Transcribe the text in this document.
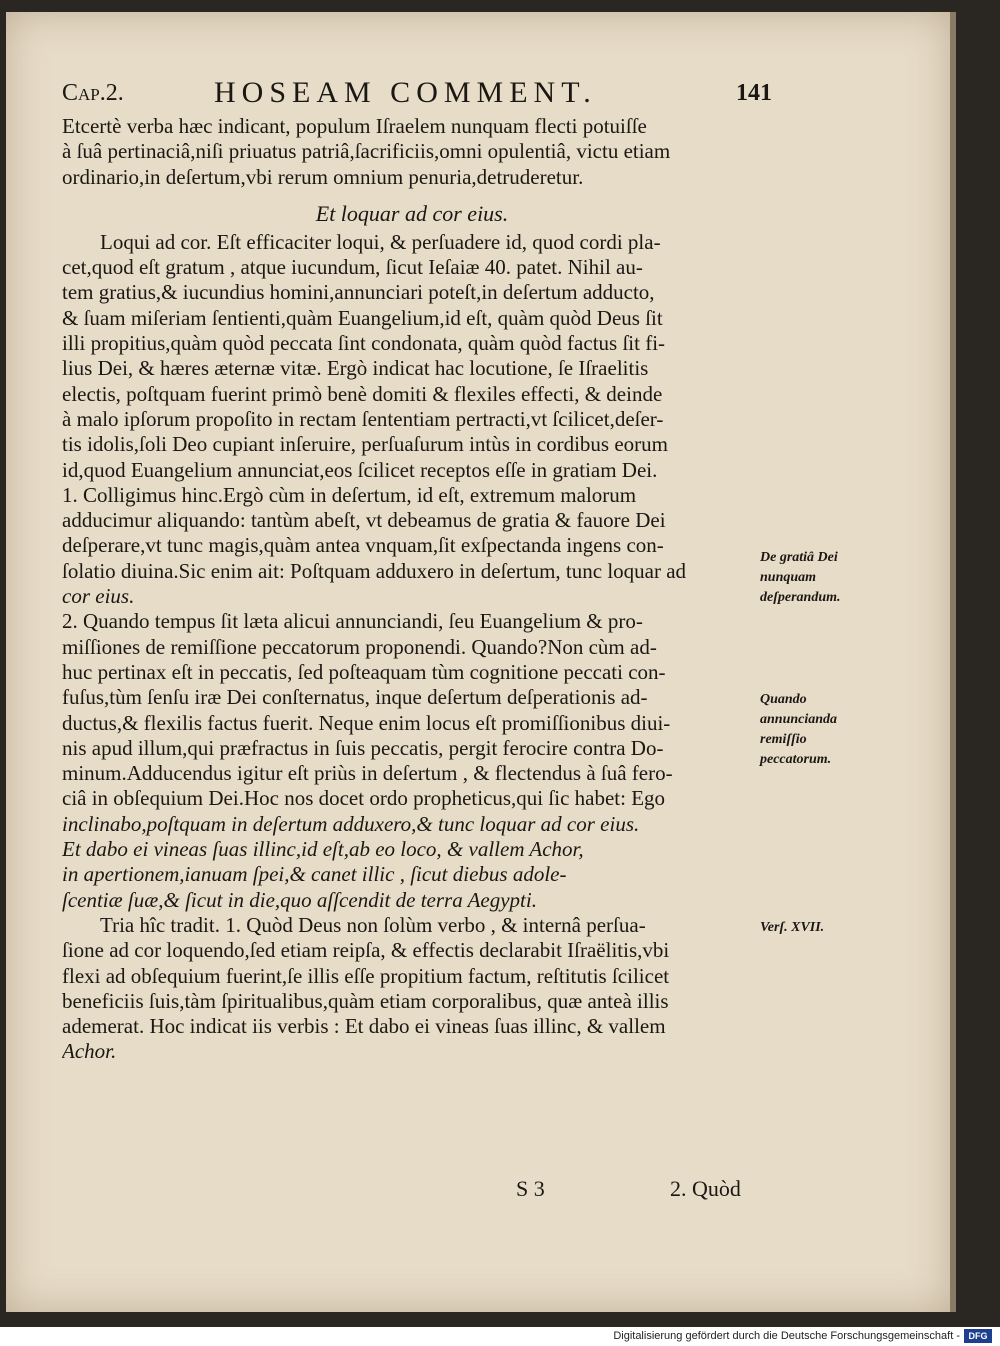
Cap.2.	HOSEAM COMMENT.	141
Etcertè verba hæc indicant, populum Iſraelem nunquam flecti potuiſſe
à ſuâ pertinaciâ,niſi priuatus patriâ,ſacrificiis,omni opulentiâ, victu etiam
ordinario,in deſertum,vbi rerum omnium penuria,detruderetur.
Et loquar ad cor eius.
Loqui ad cor. Eſt efficaciter loqui, & perſuadere id, quod cordi pla-
cet,quod eſt gratum , atque iucundum, ſicut Iеſaiæ 40. patet. Nihil au-
tem gratius,& iucundius homini,annunciari poteſt,in deſertum adducto,
& ſuam miſeriam ſentienti,quàm Euangelium,id eſt, quàm quòd Deus ſit
illi propitius,quàm quòd peccata ſint condonata, quàm quòd factus ſit fi-
lius Dei, & hæres æternæ vitæ. Ergò indicat hac locutione, ſe Iſraelitis
electis, poſtquam fuerint primò benè domiti & flexiles effecti, & deinde
à malo ipſorum propoſito in rectam ſententiam pertracti,vt ſcilicet,deſer-
tis idolis,ſoli Deo cupiant inſeruire, perſuaſurum intùs in cordibus eorum
id,quod Euangelium annunciat,eos ſcilicet receptos eſſe in gratiam Dei.
1. Colligimus hinc.Ergò cùm in deſertum, id eſt, extremum malorum
adducimur aliquando: tantùm abeſt, vt debeamus de gratia & fauore Dei
deſperare,vt tunc magis,quàm antea vnquam,ſit exſpectanda ingens con-
ſolatio diuina.Sic enim ait: Poſtquam adduxero in deſertum, tunc loquar ad
cor eius.
2. Quando tempus ſit læta alicui annunciandi, ſeu Euangelium & pro-
miſſiones de remiſſione peccatorum proponendi. Quando?Non cùm ad-
huc pertinax eſt in peccatis, ſed poſteaquam tùm cognitione peccati con-
fuſus,tùm ſenſu iræ Dei conſternatus, inque deſertum deſperationis ad-
ductus,& flexilis factus fuerit. Neque enim locus eſt promiſſionibus diui-
nis apud illum,qui præfractus in ſuis peccatis, pergit ferocire contra Do-
minum.Adducendus igitur eſt priùs in deſertum , & flectendus à ſuâ fero-
ciâ in obſequium Dei.Hoc nos docet ordo propheticus,qui ſic habet: Ego
inclinabo,poſtquam in deſertum adduxero,& tunc loquar ad cor eius.
Et dabo ei vineas ſuas illinc,id eſt,ab eo loco, & vallem Achor,
in apertionem,ianuam ſpei,& canet illic , ſicut diebus adole-
ſcentiæ ſuæ,& ſicut in die,quo aſſcendit de terra Aegypti.
Tria hîc tradit. 1. Quòd Deus non ſolùm verbo , & internâ perſua-
ſione ad cor loquendo,ſed etiam reipſa, & effectis declarabit Iſraëlitis,vbi
flexi ad obſequium fuerint,ſe illis eſſe propitium factum, reſtitutis ſcilicet
beneficiis ſuis,tàm ſpiritualibus,quàm etiam corporalibus, quæ anteà illis
ademerat. Hoc indicat iis verbis : Et dabo ei vineas ſuas illinc, & vallem
Achor.
De gratiâ Dei nunquam deſperandum.
Quando annuncianda remiſſio peccatorum.
Verſ. XVII.
S 3	2. Quòd
Digitalisierung gefördert durch die Deutsche Forschungsgemeinschaft - DFG
